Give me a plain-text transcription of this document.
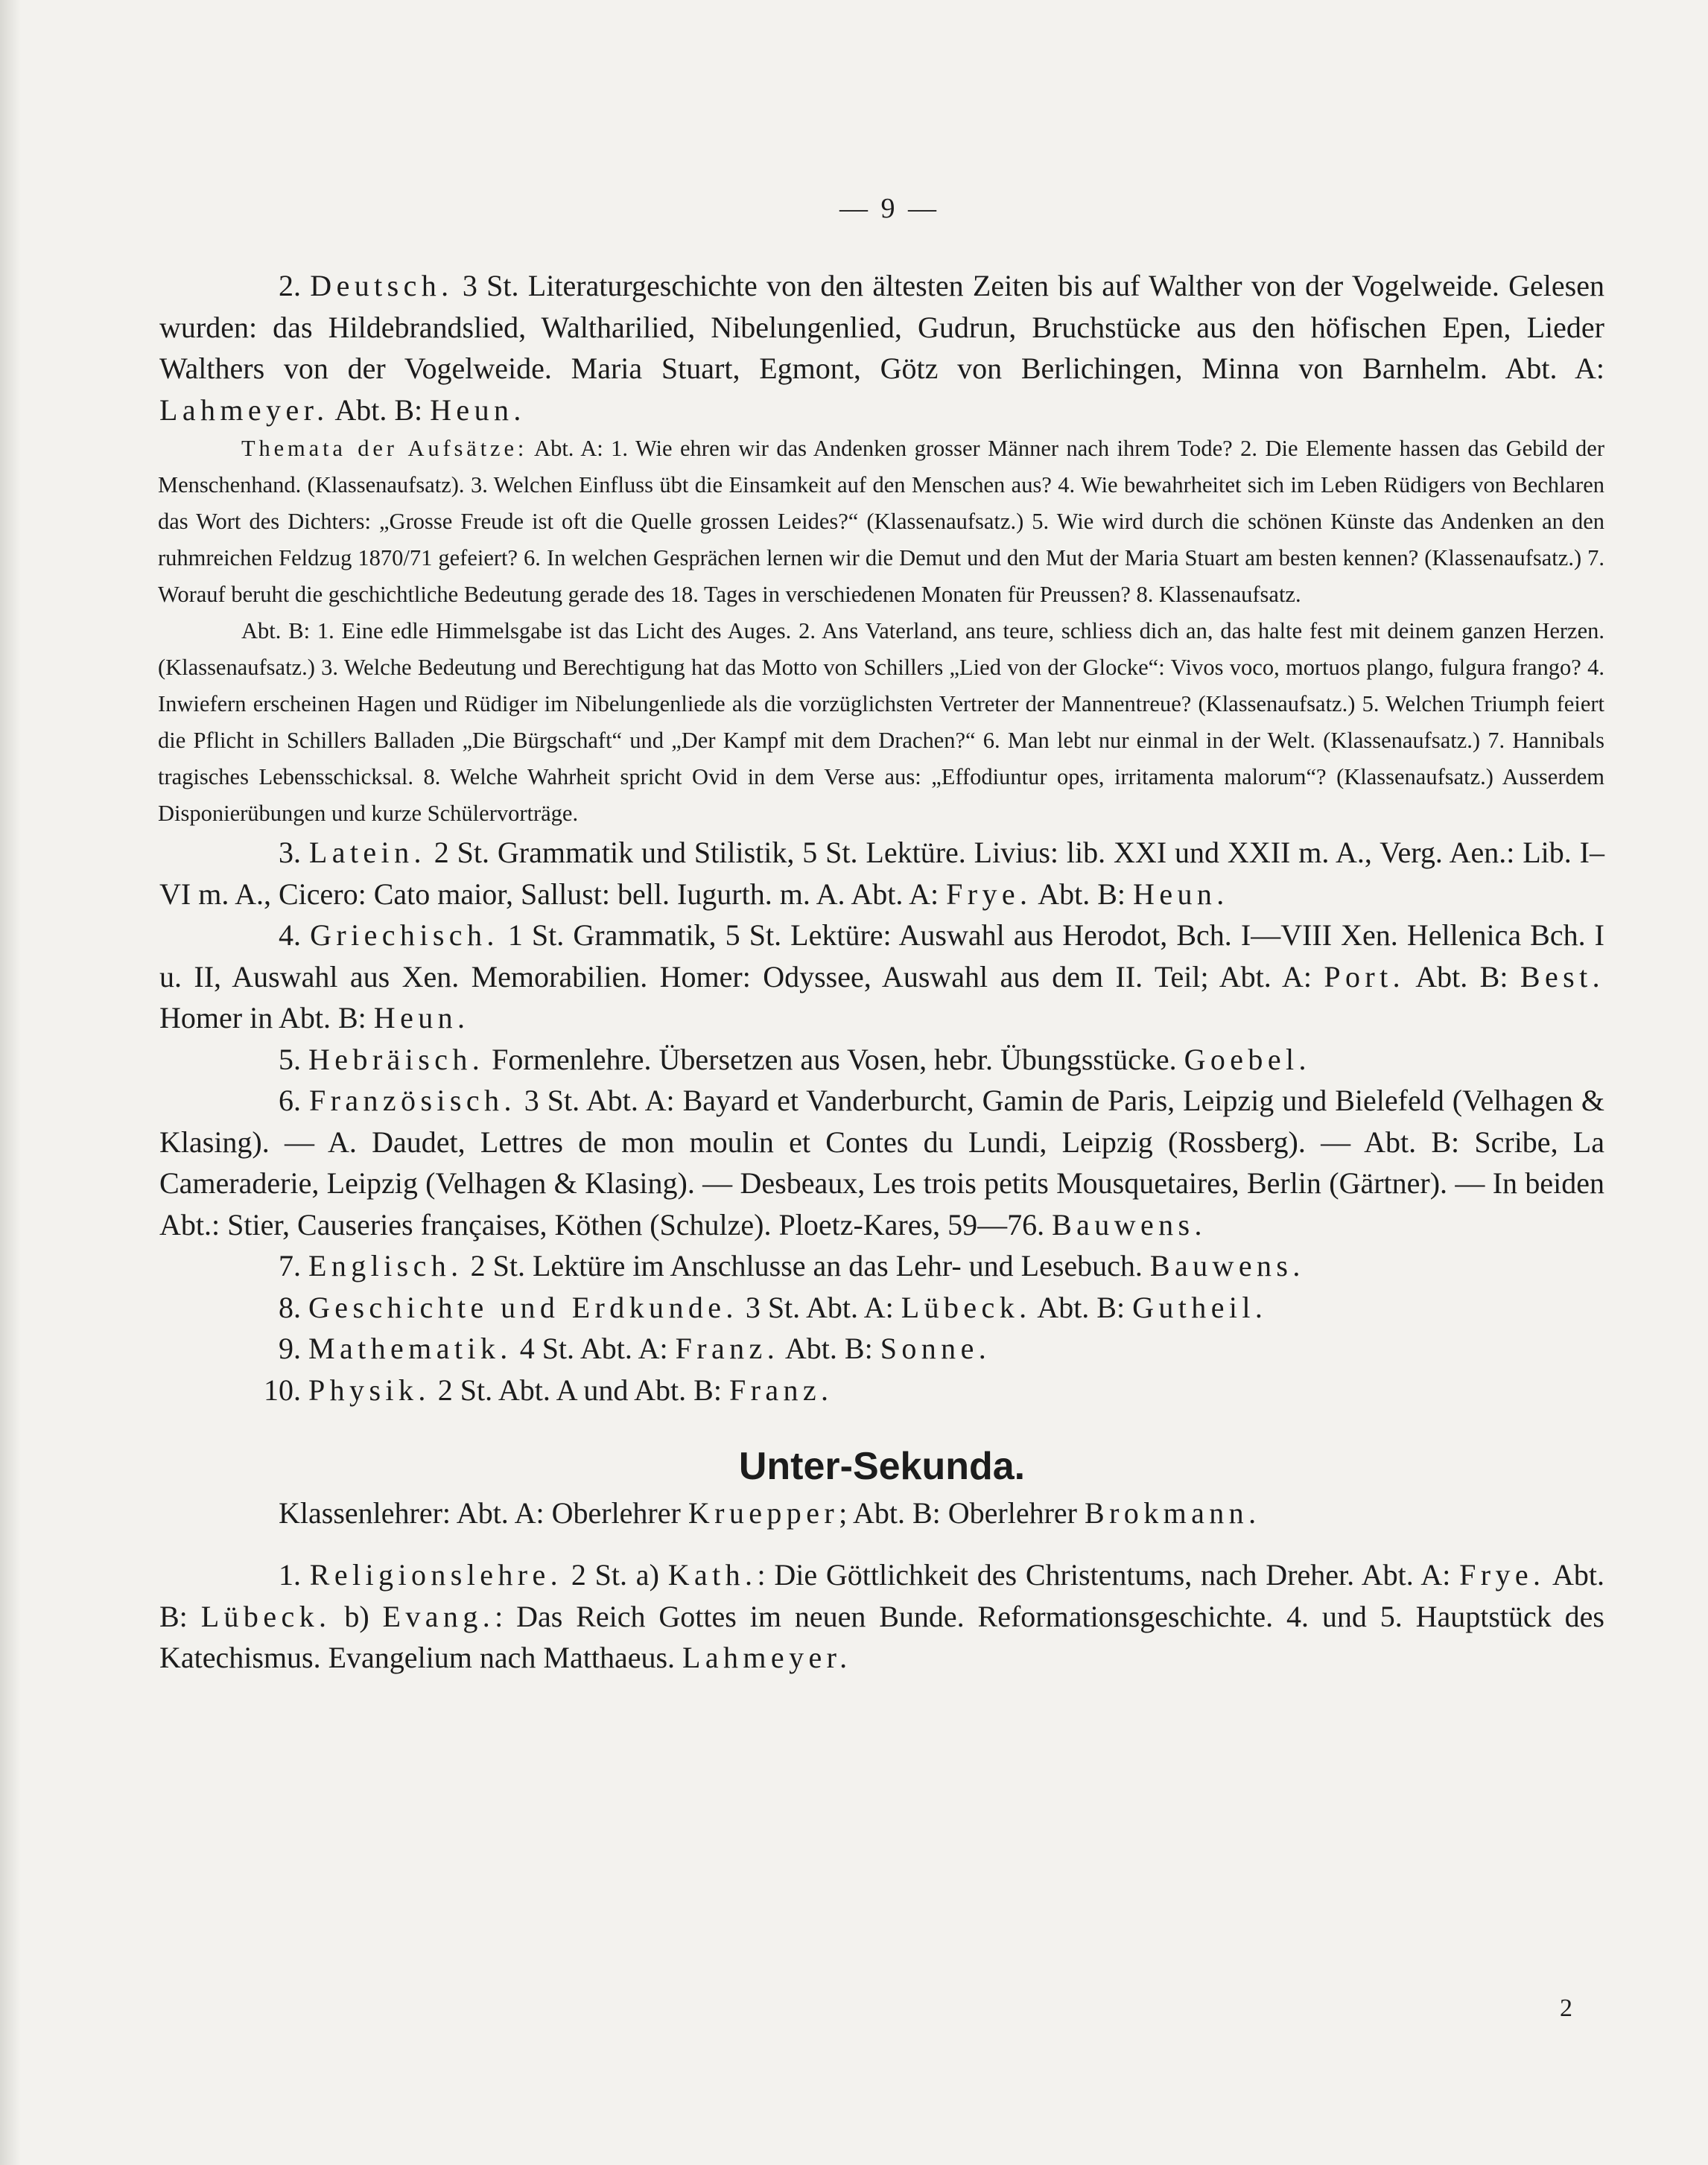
— 9 —

2. Deutsch. 3 St. Literaturgeschichte von den ältesten Zeiten bis auf Walther von der Vogelweide. Gelesen wurden: das Hildebrandslied, Waltharilied, Nibelungenlied, Gudrun, Bruchstücke aus den höfischen Epen, Lieder Walthers von der Vogelweide. Maria Stuart, Egmont, Götz von Berlichingen, Minna von Barnhelm. Abt. A: Lahmeyer. Abt. B: Heun.

Themata der Aufsätze: Abt. A: 1. Wie ehren wir das Andenken grosser Männer nach ihrem Tode? 2. Die Elemente hassen das Gebild der Menschenhand. (Klassenaufsatz). 3. Welchen Einfluss übt die Einsamkeit auf den Menschen aus? 4. Wie bewahrheitet sich im Leben Rüdigers von Bechlaren das Wort des Dichters: „Grosse Freude ist oft die Quelle grossen Leides?“ (Klassenaufsatz.) 5. Wie wird durch die schönen Künste das Andenken an den ruhmreichen Feldzug 1870/71 gefeiert? 6. In welchen Gesprächen lernen wir die Demut und den Mut der Maria Stuart am besten kennen? (Klassenaufsatz.) 7. Worauf beruht die geschichtliche Bedeutung gerade des 18. Tages in verschiedenen Monaten für Preussen? 8. Klassenaufsatz.

Abt. B: 1. Eine edle Himmelsgabe ist das Licht des Auges. 2. Ans Vaterland, ans teure, schliess dich an, das halte fest mit deinem ganzen Herzen. (Klassenaufsatz.) 3. Welche Bedeutung und Berechtigung hat das Motto von Schillers „Lied von der Glocke“: Vivos voco, mortuos plango, fulgura frango? 4. Inwiefern erscheinen Hagen und Rüdiger im Nibelungenliede als die vorzüglichsten Vertreter der Mannentreue? (Klassenaufsatz.) 5. Welchen Triumph feiert die Pflicht in Schillers Balladen „Die Bürgschaft“ und „Der Kampf mit dem Drachen?“ 6. Man lebt nur einmal in der Welt. (Klassenaufsatz.) 7. Hannibals tragisches Lebensschicksal. 8. Welche Wahrheit spricht Ovid in dem Verse aus: „Effodiuntur opes, irritamenta malorum“? (Klassenaufsatz.) Ausserdem Disponierübungen und kurze Schülervorträge.

3. Latein. 2 St. Grammatik und Stilistik, 5 St. Lektüre. Livius: lib. XXI und XXII m. A., Verg. Aen.: Lib. I–VI m. A., Cicero: Cato maior, Sallust: bell. Iugurth. m. A. Abt. A: Frye. Abt. B: Heun.

4. Griechisch. 1 St. Grammatik, 5 St. Lektüre: Auswahl aus Herodot, Bch. I—VIII Xen. Hellenica Bch. I u. II, Auswahl aus Xen. Memorabilien. Homer: Odyssee, Auswahl aus dem II. Teil; Abt. A: Port. Abt. B: Best. Homer in Abt. B: Heun.

5. Hebräisch. Formenlehre. Übersetzen aus Vosen, hebr. Übungsstücke. Goebel.

6. Französisch. 3 St. Abt. A: Bayard et Vanderburcht, Gamin de Paris, Leipzig und Bielefeld (Velhagen & Klasing). — A. Daudet, Lettres de mon moulin et Contes du Lundi, Leipzig (Rossberg). — Abt. B: Scribe, La Cameraderie, Leipzig (Velhagen & Klasing). — Desbeaux, Les trois petits Mousquetaires, Berlin (Gärtner). — In beiden Abt.: Stier, Causeries françaises, Köthen (Schulze). Ploetz-Kares, 59—76. Bauwens.

7. Englisch. 2 St. Lektüre im Anschlusse an das Lehr- und Lesebuch. Bauwens.

8. Geschichte und Erdkunde. 3 St. Abt. A: Lübeck. Abt. B: Gutheil.

9. Mathematik. 4 St. Abt. A: Franz. Abt. B: Sonne.

10. Physik. 2 St. Abt. A und Abt. B: Franz.

Unter-Sekunda.
Klassenlehrer: Abt. A: Oberlehrer Kruepper; Abt. B: Oberlehrer Brokmann.

1. Religionslehre. 2 St. a) Kath.: Die Göttlichkeit des Christentums, nach Dreher. Abt. A: Frye. Abt. B: Lübeck. b) Evang.: Das Reich Gottes im neuen Bunde. Reformationsgeschichte. 4. und 5. Hauptstück des Katechismus. Evangelium nach Matthaeus. Lahmeyer.

2
